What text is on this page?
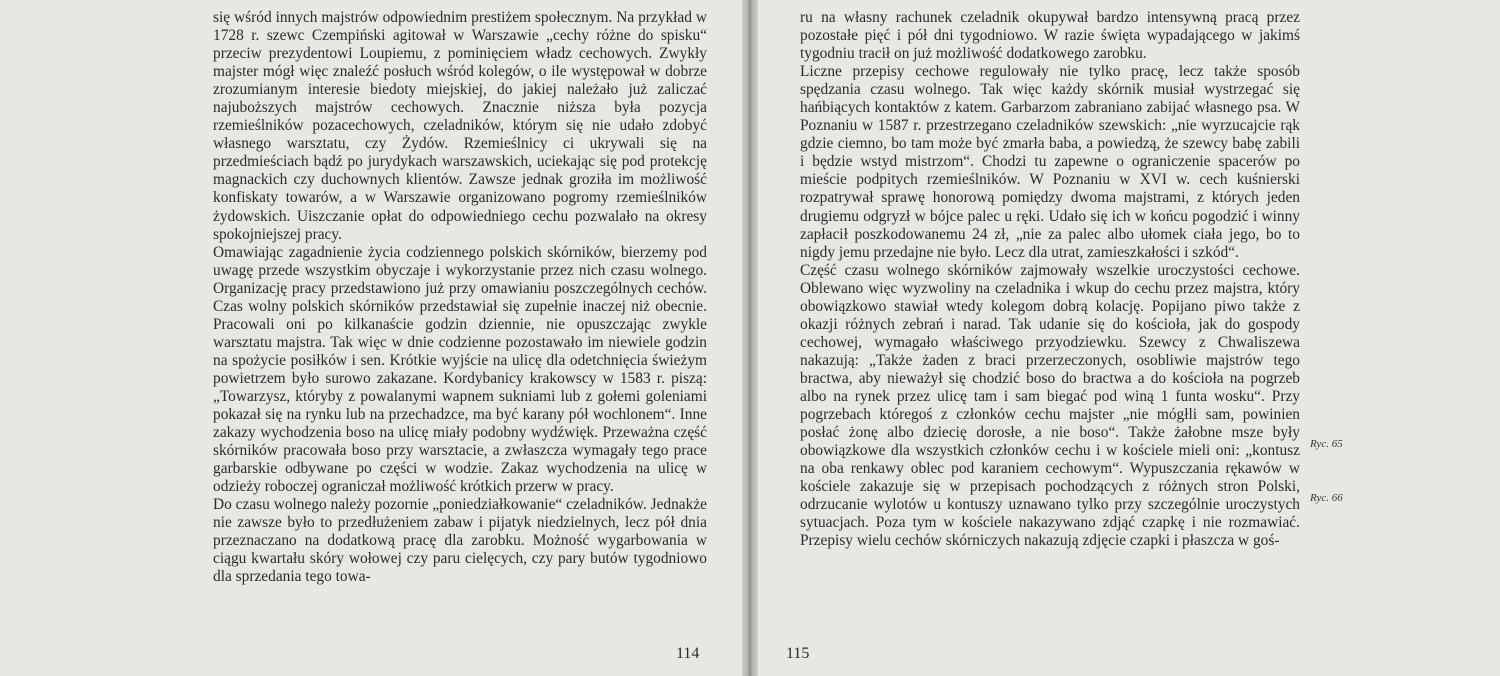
się wśród innych majstrów odpowiednim prestiżem społecznym. Na przykład w 1728 r. szewc Czempiński agitował w Warszawie „cechy różne do spisku“ przeciw prezydentowi Loupiemu, z pominięciem władz cechowych. Zwykły majster mógł więc znaleźć posłuch wśród kolegów, o ile występował w dobrze zrozumianym interesie biedoty miejskiej, do jakiej należało już zaliczać najuboższych majstrów cechowych. Znacznie niższa była pozycja rzemieślników pozacechowych, czeladników, którym się nie udało zdobyć własnego warsztatu, czy Żydów. Rzemieślnicy ci ukrywali się na przedmieściach bądź po jurydykach warszawskich, uciekając się pod protekcję magnackich czy duchownych klientów. Zawsze jednak groziła im możliwość konfiskaty towarów, a w Warszawie organizowano pogromy rzemieślników żydowskich. Uiszczanie opłat do odpowiedniego cechu pozwalało na okresy spokojniejszej pracy.

Omawiając zagadnienie życia codziennego polskich skórników, bierzemy pod uwagę przede wszystkim obyczaje i wykorzystanie przez nich czasu wolnego. Organizację pracy przedstawiono już przy omawianiu poszczególnych cechów. Czas wolny polskich skórników przedstawiał się zupełnie inaczej niż obecnie. Pracowali oni po kilkanaście godzin dziennie, nie opuszczając zwykle warsztatu majstra. Tak więc w dnie codzienne pozostawało im niewiele godzin na spożycie posiłków i sen. Krótkie wyjście na ulicę dla odetchnięcia świeżym powietrzem było surowo zakazane. Kordybanicy krakowscy w 1583 r. piszą: „Towarzysz, któryby z powalanymi wapnem sukniami lub z gołemi goleniami pokazał się na rynku lub na przechadzce, ma być karany pół wochlonem“. Inne zakazy wychodzenia boso na ulicę miały podobny wydźwięk. Przeważna część skórników pracowała boso przy warsztacie, a zwłaszcza wymagały tego prace garbarskie odbywane po części w wodzie. Zakaz wychodzenia na ulicę w odzieży roboczej ograniczał możliwość krótkich przerw w pracy.

Do czasu wolnego należy pozornie „poniedziałkowanie“ czeladników. Jednakże nie zawsze było to przedłużeniem zabaw i pijatyk niedzielnych, lecz pół dnia przeznaczano na dodatkową pracę dla zarobku. Możność wygarbowania w ciągu kwartału skóry wołowej czy paru cielęcych, czy pary butów tygodniowo dla sprzedania tego towa-

114

ru na własny rachunek czeladnik okupywał bardzo intensywną pracą przez pozostałe pięć i pół dni tygodniowo. W razie święta wypadającego w jakimś tygodniu tracił on już możliwość dodatkowego zarobku.

Liczne przepisy cechowe regulowały nie tylko pracę, lecz także sposób spędzania czasu wolnego. Tak więc każdy skórnik musiał wystrzegać się hańbiących kontaktów z katem. Garbarzom zabraniano zabijać własnego psa. W Poznaniu w 1587 r. przestrzegano czeladników szewskich: „nie wyrzucajcie rąk gdzie ciemno, bo tam może być zmarła baba, a powiedzą, że szewcy babę zabili i będzie wstyd mistrzom“. Chodzi tu zapewne o ograniczenie spacerów po mieście podpitych rzemieślników. W Poznaniu w XVI w. cech kuśnierski rozpatrywał sprawę honorową pomiędzy dwoma majstrami, z których jeden drugiemu odgryzł w bójce palec u ręki. Udało się ich w końcu pogodzić i winny zapłacił poszkodowanemu 24 zł, „nie za palec albo ułomek ciała jego, bo to nigdy jemu przedajne nie było. Lecz dla utrat, zamieszkałości i szkód“.

Część czasu wolnego skórników zajmowały wszelkie uroczystości cechowe. Oblewano więc wyzwoliny na czeladnika i wkup do cechu przez majstra, który obowiązkowo stawiał wtedy kolegom dobrą kolację. Popijano piwo także z okazji różnych zebrań i narad. Tak udanie się do kościoła, jak do gospody cechowej, wymagało właściwego przyodziewku. Szewcy z Chwaliszewa nakazują: „Także żaden z braci przerzeczonych, osobliwie majstrów tego bractwa, aby nieważył się chodzić boso do bractwa a do kościoła na pogrzeb albo na rynek przez ulicę tam i sam biegać pod winą 1 funta wosku“. Przy pogrzebach któregoś z członków cechu majster „nie mógłli sam, powinien posłać żonę albo dziecię dorosłe, a nie boso“. Także żałobne msze były obowiązkowe dla wszystkich członków cechu i w kościele mieli oni: „kontusz na oba renkawy oblec pod karaniem cechowym“. Wypuszczania rękawów w kościele zakazuje się w przepisach pochodzących z różnych stron Polski, odrzucanie wylotów u kontuszy uznawano tylko przy szczególnie uroczystych sytuacjach. Poza tym w kościele nakazywano zdjąć czapkę i nie rozmawiać. Przepisy wielu cechów skórniczych nakazują zdjęcie czapki i płaszcza w goś-

Ryc. 65
Ryc. 66
115
